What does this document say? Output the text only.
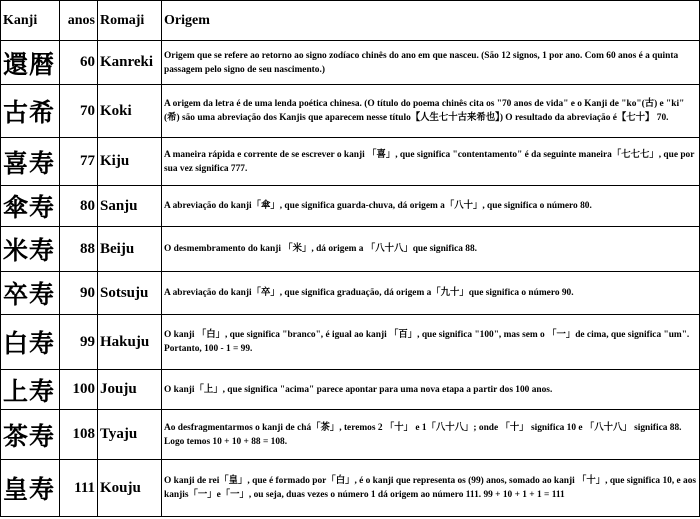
Kanji	anos	Romaji	Origem
還暦	60	Kanreki	Origem que se refere ao retorno ao signo zodíaco chinês do ano em que nasceu. (São 12 signos, 1 por ano. Com 60 anos é a quinta passagem pelo signo de seu nascimento.)
古希	70	Koki	A origem da letra é de uma lenda poética chinesa. (O título do poema chinês cita os "70 anos de vida" e o Kanji de "ko"(古) e "ki"(希) são uma abreviação dos Kanjis que aparecem nesse título【人生七十古来希也】) O resultado da abreviação é【七十】 70.
喜寿	77	Kiju	A maneira rápida e corrente de se escrever o kanji 「喜」, que significa "contentamento" é da seguinte maneira「七七七」, que por sua vez significa 777.
傘寿	80	Sanju	A abreviação do kanji「傘」, que significa guarda-chuva, dá origem a「八十」, que significa o número 80.
米寿	88	Beiju	O desmembramento do kanji 「米」, dá origem a 「八十八」que significa 88.
卒寿	90	Sotsuju	A abreviação do kanji「卒」, que significa graduação, dá origem a「九十」que significa o número 90.
白寿	99	Hakuju	O kanji 「白」, que significa "branco", é igual ao kanji 「百」, que significa "100", mas sem o 「一」de cima, que significa "um". Portanto, 100 - 1 = 99.
上寿	100	Jouju	O kanji「上」, que significa "acima" parece apontar para uma nova etapa a partir dos 100 anos.
茶寿	108	Tyaju	Ao desfragmentarmos o kanji de chá「茶」, teremos 2 「十」 e 1「八十八」; onde 「十」 significa 10 e 「八十八」 significa 88. Logo temos 10 + 10 + 88 = 108.
皇寿	111	Kouju	O kanji de rei「皇」, que é formado por「白」, é o kanji que representa os (99) anos, somado ao kanji 「十」, que significa 10, e aos kanjis「一」e「一」, ou seja, duas vezes o número 1 dá origem ao número 111. 99 + 10 + 1 + 1 = 111
